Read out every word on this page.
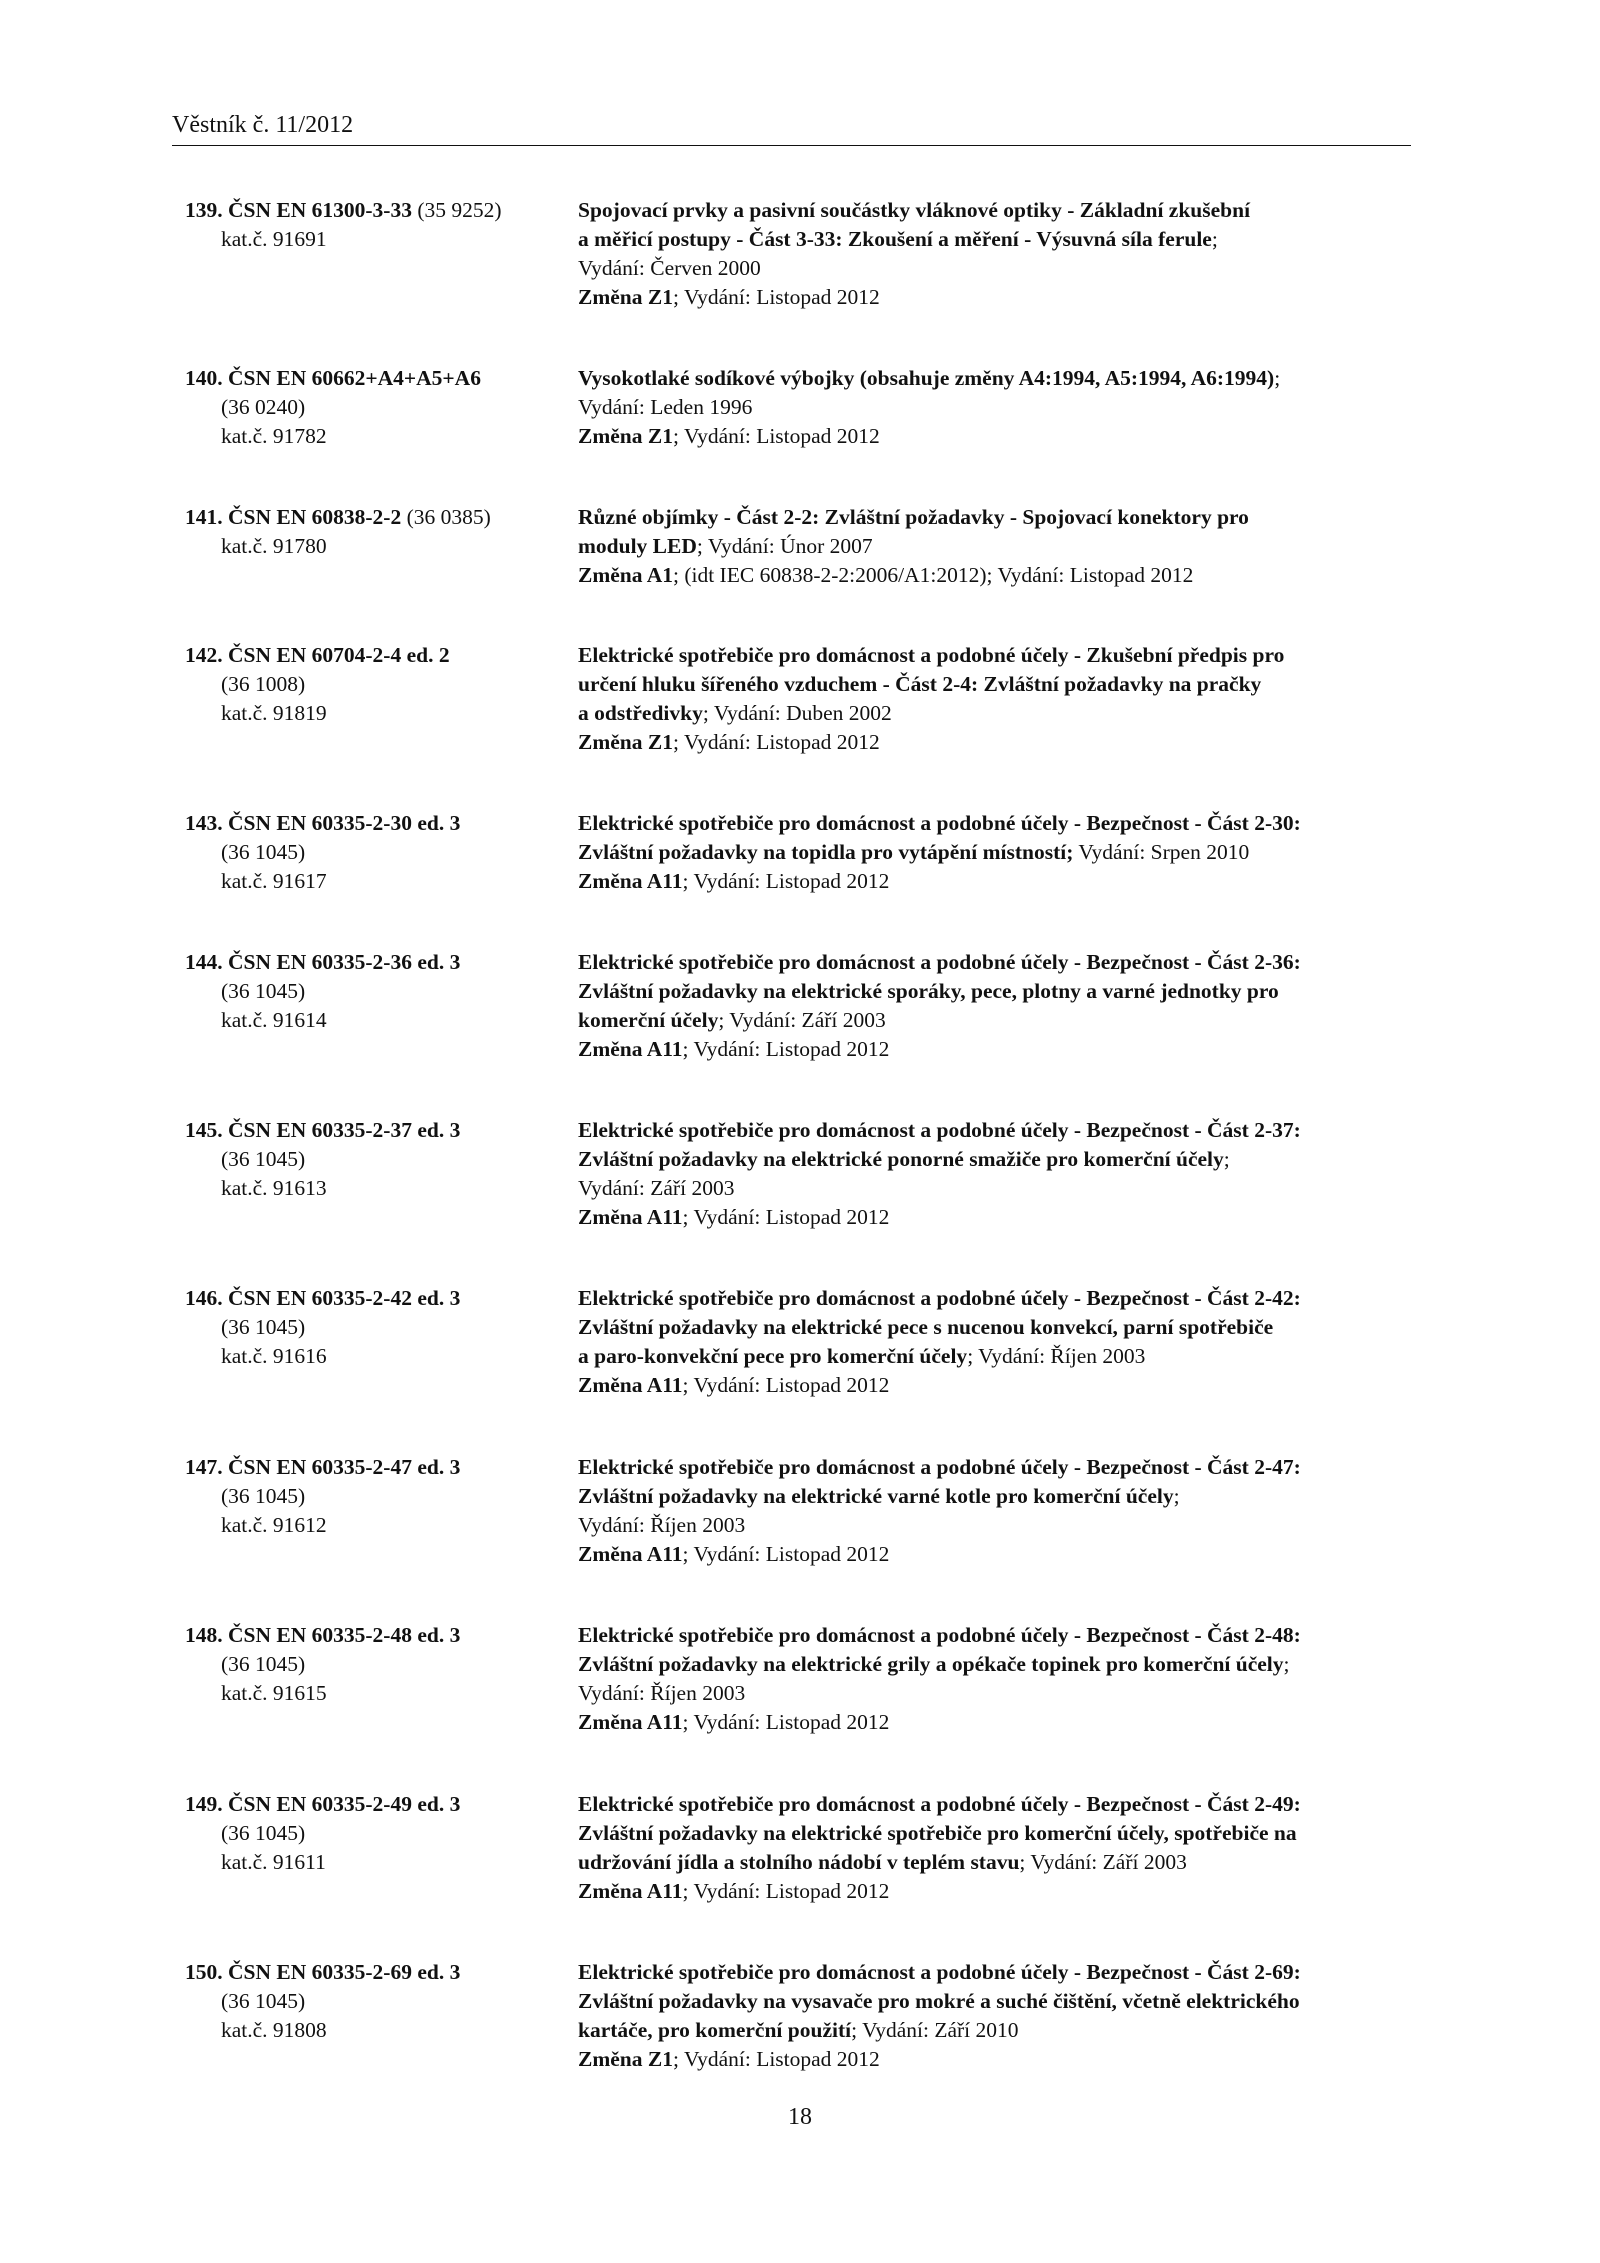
Věstník č. 11/2012
139. ČSN EN 61300-3-33 (35 9252)
kat.č. 91691
Spojovací prvky a pasivní součástky vláknové optiky - Základní zkušební
a měřicí postupy - Část 3-33: Zkoušení a měření - Výsuvná síla ferule;
Vydání: Červen 2000
Změna Z1; Vydání: Listopad 2012
140. ČSN EN 60662+A4+A5+A6
(36 0240)
kat.č. 91782
Vysokotlaké sodíkové výbojky (obsahuje změny A4:1994, A5:1994, A6:1994);
Vydání: Leden 1996
Změna Z1; Vydání: Listopad 2012
141. ČSN EN 60838-2-2 (36 0385)
kat.č. 91780
Různé objímky - Část 2-2: Zvláštní požadavky - Spojovací konektory pro
moduly LED; Vydání: Únor 2007
Změna A1; (idt IEC 60838-2-2:2006/A1:2012); Vydání: Listopad 2012
142. ČSN EN 60704-2-4 ed. 2
(36 1008)
kat.č. 91819
Elektrické spotřebiče pro domácnost a podobné účely - Zkušební předpis pro
určení hluku šířeného vzduchem - Část 2-4: Zvláštní požadavky na pračky
a odstředivky; Vydání: Duben 2002
Změna Z1; Vydání: Listopad 2012
143. ČSN EN 60335-2-30 ed. 3
(36 1045)
kat.č. 91617
Elektrické spotřebiče pro domácnost a podobné účely - Bezpečnost - Část 2-30:
Zvláštní požadavky na topidla pro vytápění místností; Vydání: Srpen 2010
Změna A11; Vydání: Listopad 2012
144. ČSN EN 60335-2-36 ed. 3
(36 1045)
kat.č. 91614
Elektrické spotřebiče pro domácnost a podobné účely - Bezpečnost - Část 2-36:
Zvláštní požadavky na elektrické sporáky, pece, plotny a varné jednotky pro
komerční účely; Vydání: Září 2003
Změna A11; Vydání: Listopad 2012
145. ČSN EN 60335-2-37 ed. 3
(36 1045)
kat.č. 91613
Elektrické spotřebiče pro domácnost a podobné účely - Bezpečnost - Část 2-37:
Zvláštní požadavky na elektrické ponorné smažiče pro komerční účely;
Vydání: Září 2003
Změna A11; Vydání: Listopad 2012
146. ČSN EN 60335-2-42 ed. 3
(36 1045)
kat.č. 91616
Elektrické spotřebiče pro domácnost a podobné účely - Bezpečnost - Část 2-42:
Zvláštní požadavky na elektrické pece s nucenou konvekcí, parní spotřebiče
a paro-konvekční pece pro komerční účely; Vydání: Říjen 2003
Změna A11; Vydání: Listopad 2012
147. ČSN EN 60335-2-47 ed. 3
(36 1045)
kat.č. 91612
Elektrické spotřebiče pro domácnost a podobné účely - Bezpečnost - Část 2-47:
Zvláštní požadavky na elektrické varné kotle pro komerční účely;
Vydání: Říjen 2003
Změna A11; Vydání: Listopad 2012
148. ČSN EN 60335-2-48 ed. 3
(36 1045)
kat.č. 91615
Elektrické spotřebiče pro domácnost a podobné účely - Bezpečnost - Část 2-48:
Zvláštní požadavky na elektrické grily a opékače topinek pro komerční účely;
Vydání: Říjen 2003
Změna A11; Vydání: Listopad 2012
149. ČSN EN 60335-2-49 ed. 3
(36 1045)
kat.č. 91611
Elektrické spotřebiče pro domácnost a podobné účely - Bezpečnost - Část 2-49:
Zvláštní požadavky na elektrické spotřebiče pro komerční účely, spotřebiče na
udržování jídla a stolního nádobí v teplém stavu; Vydání: Září 2003
Změna A11; Vydání: Listopad 2012
150. ČSN EN 60335-2-69 ed. 3
(36 1045)
kat.č. 91808
Elektrické spotřebiče pro domácnost a podobné účely - Bezpečnost - Část 2-69:
Zvláštní požadavky na vysavače pro mokré a suché čištění, včetně elektrického
kartáče, pro komerční použití; Vydání: Září 2010
Změna Z1; Vydání: Listopad 2012

18
